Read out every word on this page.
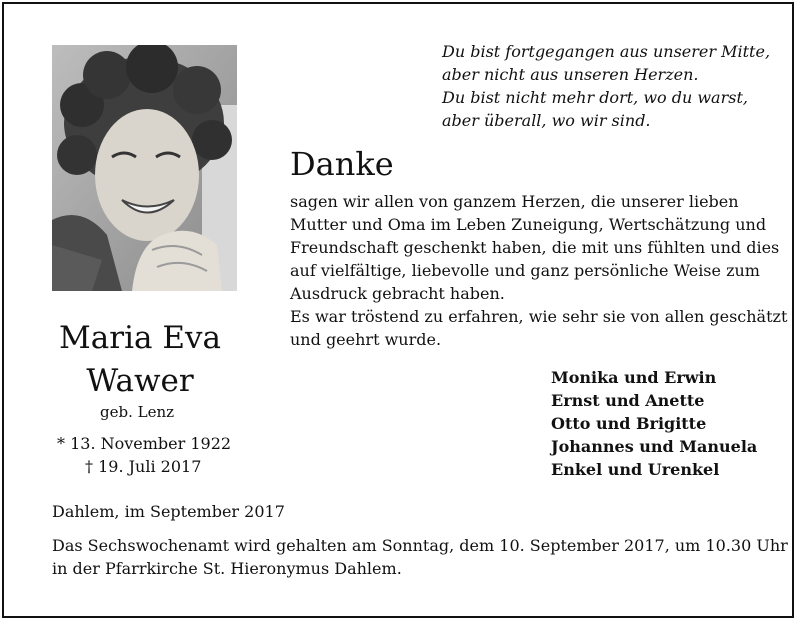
Du bist fortgegangen aus unserer Mitte,
aber nicht aus unseren Herzen.
Du bist nicht mehr dort, wo du warst,
aber überall, wo wir sind.
Danke
sagen wir allen von ganzem Herzen, die unserer lieben
Mutter und Oma im Leben Zuneigung, Wertschätzung und
Freundschaft geschenkt haben, die mit uns fühlten und dies
auf vielfältige, liebevolle und ganz persönliche Weise zum
Ausdruck gebracht haben.
Es war tröstend zu erfahren, wie sehr sie von allen geschätzt
und geehrt wurde.
Maria Eva
Wawer
geb. Lenz
* 13. November 1922
† 19. Juli 2017
Monika und Erwin
Ernst und Anette
Otto und Brigitte
Johannes und Manuela
Enkel und Urenkel
Dahlem, im September 2017
Das Sechswochenamt wird gehalten am Sonntag, dem 10. September 2017, um 10.30 Uhr
in der Pfarrkirche St. Hieronymus Dahlem.
